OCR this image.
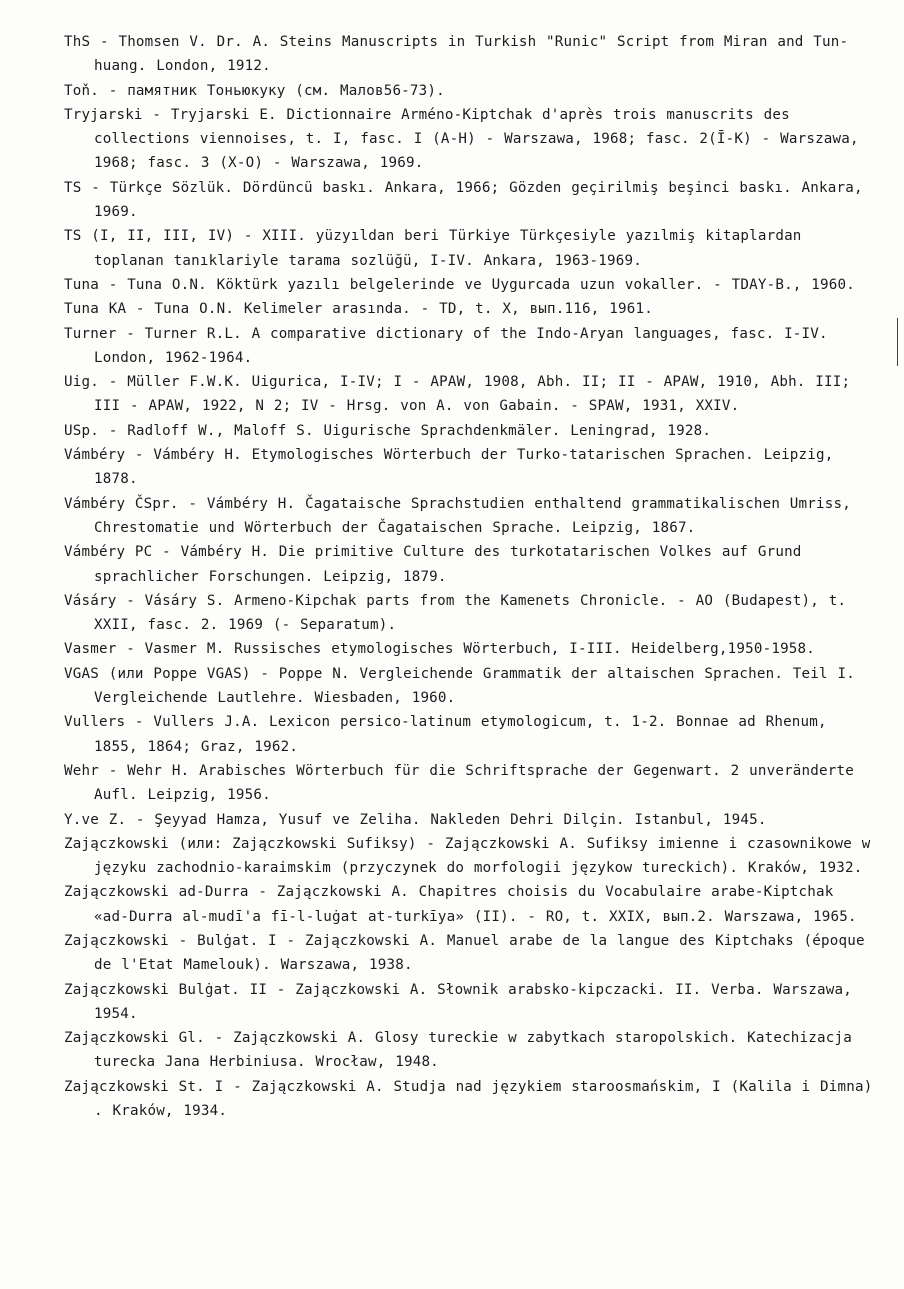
ThS - Thomsen V. Dr. A. Steins Manuscripts in Turkish "Runic" Script from Miran and Tun-huang. London, 1912.
Тоň. - памятник Тоньюкуку (см. Малов56-73).
Tryjarski - Tryjarski E. Dictionnaire Arméno-Kiptchak d'après trois manuscrits des collections viennoises, t. I, fasc. I (A-H) - Warszawa, 1968; fasc. 2(Ī-K) - Warszawa, 1968; fasc. 3 (X-O) - Warszawa, 1969.
TS - Türkçe Sözlük. Dördüncü baskı. Ankara, 1966; Gözden geçirilmiş beşinci baskı. Ankara, 1969.
TS (I, II, III, IV) - XIII. yüzyıldan beri Türkiye Türkçesiyle yazılmiş kitaplardan toplanan tanıklariyle tarama sozlüğü, I-IV. Ankara, 1963-1969.
Tuna - Tuna O.N. Köktürk yazılı belgelerinde ve Uygurcada uzun vokaller. - TDAY-B., 1960.
Tuna KA - Tuna O.N. Kelimeler arasında. - TD, t. X, вып.116, 1961.
Turner - Turner R.L. A comparative dictionary of the Indo-Aryan languages, fasc. I-IV. London, 1962-1964.
Uig. - Müller F.W.K. Uigurica, I-IV; I - APAW, 1908, Abh. II; II - APAW, 1910, Abh. III; III - APAW, 1922, N 2; IV - Hrsg. von A. von Gabain. - SPAW, 1931, XXIV.
USp. - Radloff W., Maloff S. Uigurische Sprachdenkmäler. Leningrad, 1928.
Vámbéry - Vámbéry H. Etymologisches Wörterbuch der Turko-tatarischen Sprachen. Leipzig, 1878.
Vámbéry ČSpr. - Vámbéry H. Čagataische Sprachstudien enthaltend grammatikalischen Umriss, Chrestomatie und Wörterbuch der Čagataischen Sprache. Leipzig, 1867.
Vámbéry PC - Vámbéry H. Die primitive Culture des turkotatarischen Volkes auf Grund sprachlicher Forschungen. Leipzig, 1879.
Vásáry - Vásáry S. Armeno-Kipchak parts from the Kamenets Chronicle. - AO (Budapest), t. XXII, fasc. 2. 1969 (- Separatum).
Vasmer - Vasmer M. Russisches etymologisches Wörterbuch, I-III. Heidelberg,1950-1958.
VGAS (или Poppe VGAS) - Poppe N. Vergleichende Grammatik der altaischen Sprachen. Teil I. Vergleichende Lautlehre. Wiesbaden, 1960.
Vullers - Vullers J.A. Lexicon persico-latinum etymologicum, t. 1-2. Bonnae ad Rhenum, 1855, 1864; Graz, 1962.
Wehr - Wehr H. Arabisches Wörterbuch für die Schriftsprache der Gegenwart. 2 unveränderte Aufl. Leipzig, 1956.
Y.ve Z. - Şeyyad Hamza, Yusuf ve Zeliha. Nakleden Dehri Dilçin. Istanbul, 1945.
Zajączkowski (или: Zajączkowski Sufiksy) - Zajączkowski A. Sufiksy imienne i czasownikowe w języku zachodnio-karaimskim (przyczynek do morfologii językow tureckich). Kraków, 1932.
Zajączkowski ad-Durra - Zajączkowski A. Chapitres choisis du Vocabulaire arabe-Kiptchak «ad-Durra al-mudī'a fī-l-luġat at-turkīya» (II). - RO, t. XXIX, вып.2. Warszawa, 1965.
Zajączkowski - Bulġat. I - Zajączkowski A. Manuel arabe de la langue des Kiptchaks (époque de l'Etat Mamelouk). Warszawa, 1938.
Zajączkowski Bulġat. II - Zajączkowski A. Słownik arabsko-kipczacki. II. Verba. Warszawa, 1954.
Zajączkowski Gl. - Zajączkowski A. Glosy tureckie w zabytkach staropolskich. Katechizacja turecka Jana Herbiniusa. Wrocław, 1948.
Zajączkowski St. I - Zajączkowski A. Studja nad językiem staroosmańskim, I (Kalila i Dimna) . Kraków, 1934.
